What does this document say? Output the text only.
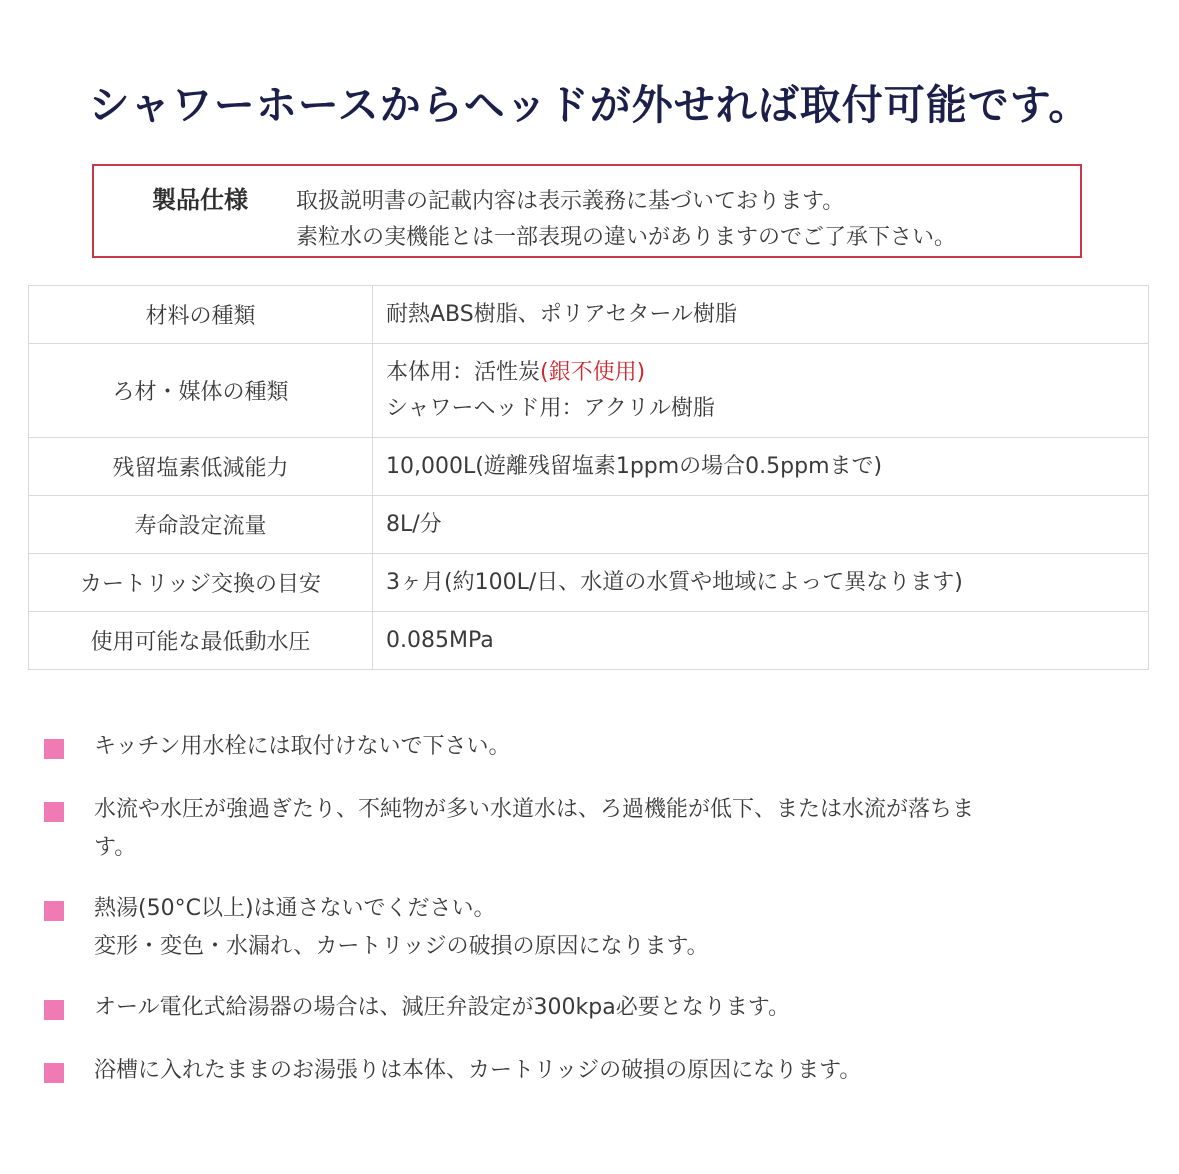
シャワーホースからヘッドが外せれば取付可能です。
製品仕様 取扱説明書の記載内容は表示義務に基づいております。
素粒水の実機能とは一部表現の違いがありますのでご了承下さい。
材料の種類	耐熱ABS樹脂、ポリアセタール樹脂
ろ材・媒体の種類	本体用：活性炭(銀不使用)
シャワーヘッド用：アクリル樹脂

残留塩素低減能力	10,000L(遊離残留塩素1ppmの場合0.5ppmまで)
寿命設定流量	8L/分
カートリッジ交換の目安	3ヶ月(約100L/日、水道の水質や地域によって異なります)
使用可能な最低動水圧	0.085MPa
キッチン用水栓には取付けないで下さい。
水流や水圧が強過ぎたり、不純物が多い水道水は、ろ過機能が低下、または水流が落ちま
す。
熱湯(50°C以上)は通さないでください。
変形・変色・水漏れ、カートリッジの破損の原因になります。
オール電化式給湯器の場合は、減圧弁設定が300kpa必要となります。
浴槽に入れたままのお湯張りは本体、カートリッジの破損の原因になります。
